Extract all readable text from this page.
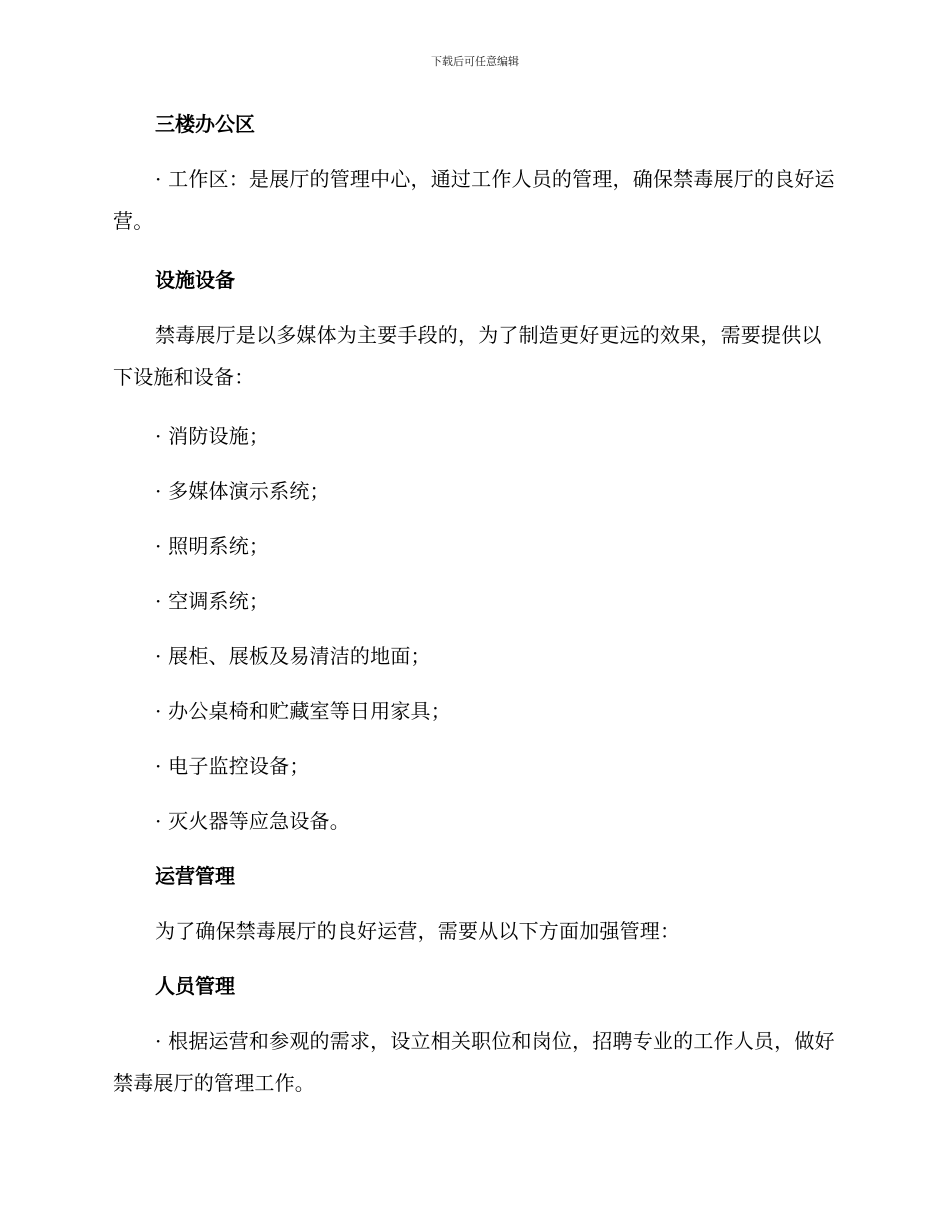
下载后可任意编辑
三楼办公区
· 工作区：是展厅的管理中心，通过工作人员的管理，确保禁毒展厅的良好运营。
设施设备
禁毒展厅是以多媒体为主要手段的，为了制造更好更远的效果，需要提供以下设施和设备：
· 消防设施；
· 多媒体演示系统；
· 照明系统；
· 空调系统；
· 展柜、展板及易清洁的地面；
· 办公桌椅和贮藏室等日用家具；
· 电子监控设备；
· 灭火器等应急设备。
运营管理
为了确保禁毒展厅的良好运营，需要从以下方面加强管理：
人员管理
· 根据运营和参观的需求，设立相关职位和岗位，招聘专业的工作人员，做好禁毒展厅的管理工作。
